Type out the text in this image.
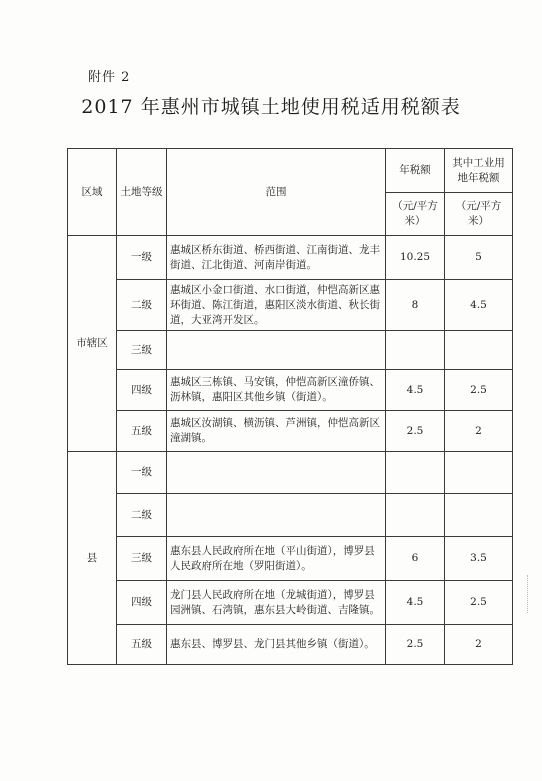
附件 2
2017 年惠州市城镇土地使用税适用税额表
区域	土地等级	范围	年税额	其中工业用地年税额
			（元/平方米）	（元/平方米）
市辖区	一级	惠城区桥东街道、桥西街道、江南街道、龙丰街道、江北街道、河南岸街道。	10.25	5
	二级	惠城区小金口街道、水口街道，仲恺高新区惠环街道、陈江街道，惠阳区淡水街道、秋长街道，大亚湾开发区。	8	4.5
	三级			
	四级	惠城区三栋镇、马安镇，仲恺高新区潼侨镇、沥林镇，惠阳区其他乡镇（街道）。	4.5	2.5
	五级	惠城区汝湖镇、横沥镇、芦洲镇，仲恺高新区潼湖镇。	2.5	2
县	一级			
	二级			
	三级	惠东县人民政府所在地（平山街道），博罗县人民政府所在地（罗阳街道）。	6	3.5
	四级	龙门县人民政府所在地（龙城街道），博罗县园洲镇、石湾镇，惠东县大岭街道、吉隆镇。	4.5	2.5
	五级	惠东县、博罗县、龙门县其他乡镇（街道）。	2.5	2
